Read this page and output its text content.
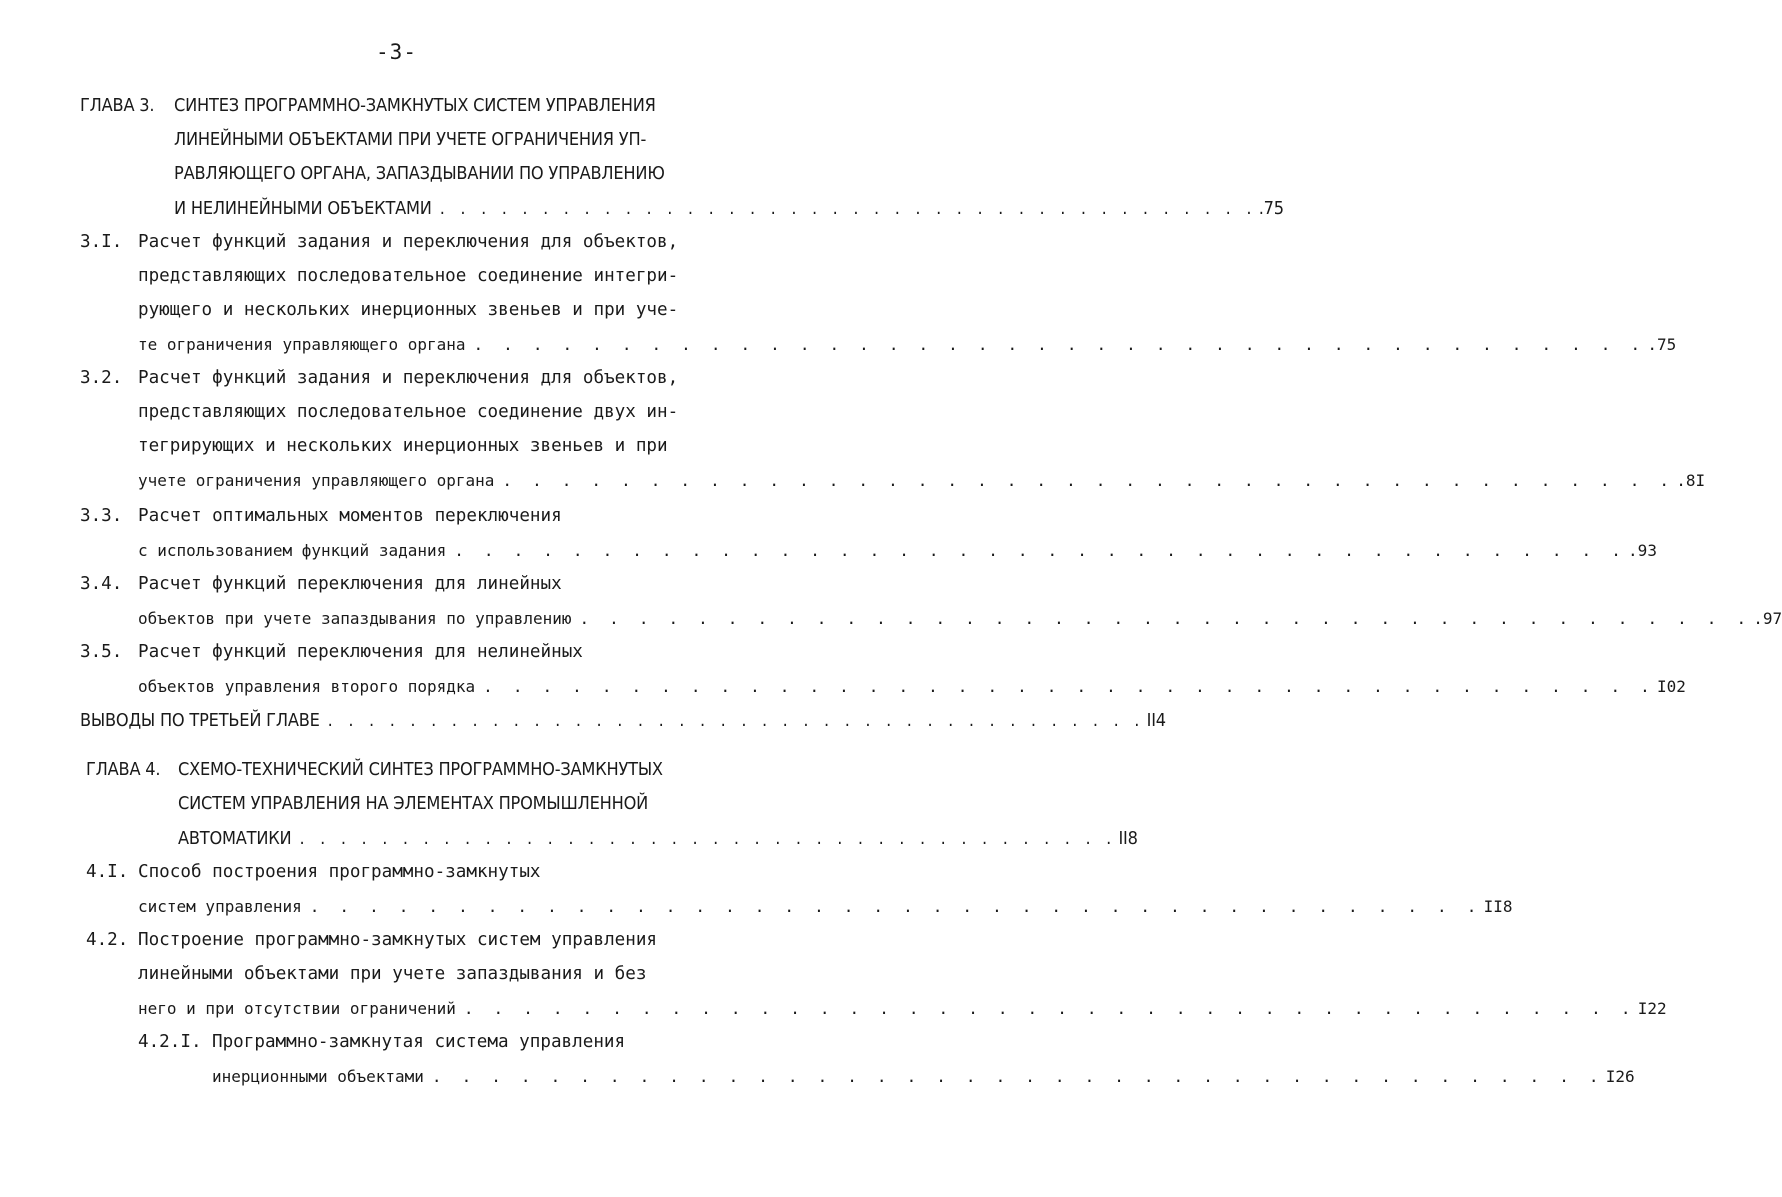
-3-
ГЛАВА 3. СИНТЕЗ ПРОГРАММНО-ЗАМКНУТЫХ СИСТЕМ УПРАВЛЕНИЯ
ЛИНЕЙНЫМИ ОБЪЕКТАМИ ПРИ УЧЕТЕ ОГРАНИЧЕНИЯ УП-
РАВЛЯЮЩЕГО ОРГАНА, ЗАПАЗДЫВАНИИ ПО УПРАВЛЕНИЮ
И НЕЛИНЕЙНЫМИ ОБЪЕКТАМИ . . . . . . . . . . . . . . . . . . . . . . . . . . . . . . . . . . . . . . . . .75
3.I. Расчет функций задания и переключения для объектов,
представляющих последовательное соединение интегри-
рующего и нескольких инерционных звеньев и при уче-
те ограничения управляющего органа . . . . . . . . . . . . . . . . . . . . . . . . . . . . . . . . . . . . . . . . .75
3.2. Расчет функций задания и переключения для объектов,
представляющих последовательное соединение двух ин-
тегрирующих и нескольких инерционных звеньев и при
учете ограничения управляющего органа . . . . . . . . . . . . . . . . . . . . . . . . . . . . . . . . . . . . . . . . .8I
3.3. Расчет оптимальных моментов переключения
с использованием функций задания . . . . . . . . . . . . . . . . . . . . . . . . . . . . . . . . . . . . . . . . .93
3.4. Расчет функций переключения для линейных
объектов при учете запаздывания по управлению . . . . . . . . . . . . . . . . . . . . . . . . . . . . . . . . . . . . . . . . .97
3.5. Расчет функций переключения для нелинейных
объектов управления второго порядка . . . . . . . . . . . . . . . . . . . . . . . . . . . . . . . . . . . . . . . . I02
ВЫВОДЫ ПО ТРЕТЬЕЙ ГЛАВЕ . . . . . . . . . . . . . . . . . . . . . . . . . . . . . . . . . . . . . . . . II4
ГЛАВА 4. СХЕМО-ТЕХНИЧЕСКИЙ СИНТЕЗ ПРОГРАММНО-ЗАМКНУТЫХ
СИСТЕМ УПРАВЛЕНИЯ НА ЭЛЕМЕНТАХ ПРОМЫШЛЕННОЙ
АВТОМАТИКИ . . . . . . . . . . . . . . . . . . . . . . . . . . . . . . . . . . . . . . . . II8
4.I. Способ построения программно-замкнутых
систем управления . . . . . . . . . . . . . . . . . . . . . . . . . . . . . . . . . . . . . . . . II8
4.2. Построение программно-замкнутых систем управления
линейными объектами при учете запаздывания и без
него и при отсутствии ограничений . . . . . . . . . . . . . . . . . . . . . . . . . . . . . . . . . . . . . . . . I22
4.2.I. Программно-замкнутая система управления
инерционными объектами . . . . . . . . . . . . . . . . . . . . . . . . . . . . . . . . . . . . . . . . I26
